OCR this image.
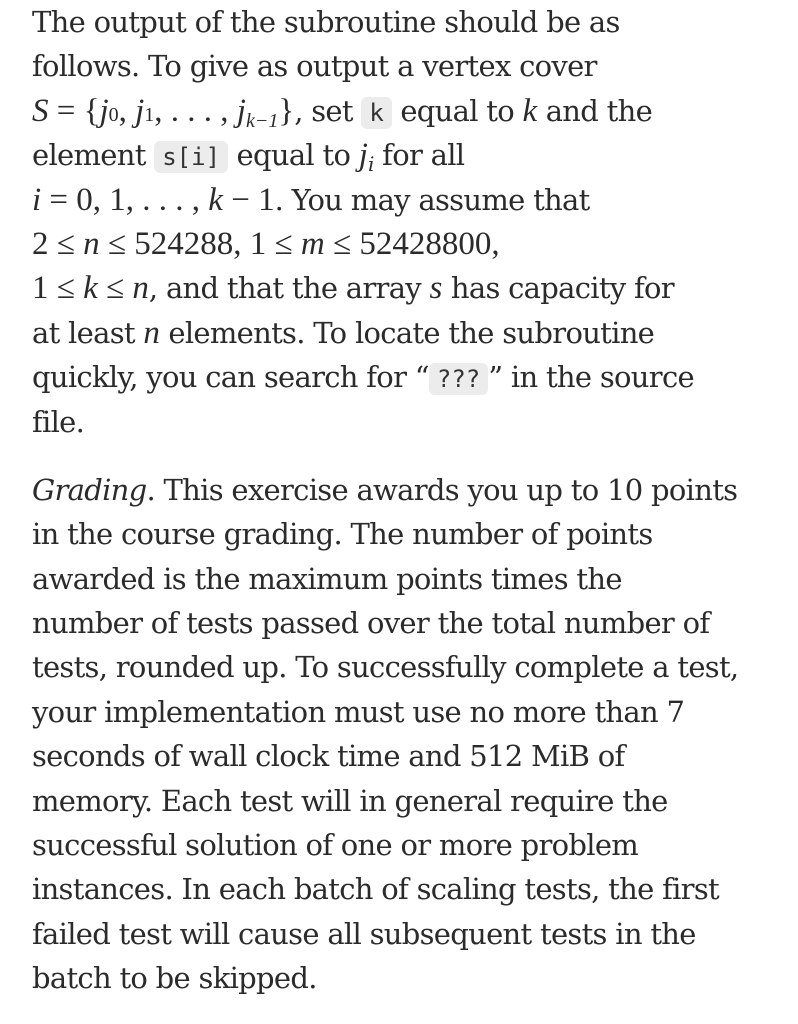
The output of the subroutine should be as
follows. To give as output a vertex cover
S = {j0, j1, . . . , $j_{k-1}$}, set k equal to k and the
element s[i] equal to $j_i$ for all
i = 0, 1, . . . , k − 1. You may assume that
2 ≤ n ≤ 524288, 1 ≤ m ≤ 52428800,
1 ≤ k ≤ n, and that the array s has capacity for
at least n elements. To locate the subroutine
quickly, you can search for “ ??? ” in the source
file.

Grading. This exercise awards you up to 10 points
in the course grading. The number of points
awarded is the maximum points times the
number of tests passed over the total number of
tests, rounded up. To successfully complete a test,
your implementation must use no more than 7
seconds of wall clock time and 512 MiB of
memory. Each test will in general require the
successful solution of one or more problem
instances. In each batch of scaling tests, the first
failed test will cause all subsequent tests in the
batch to be skipped.
